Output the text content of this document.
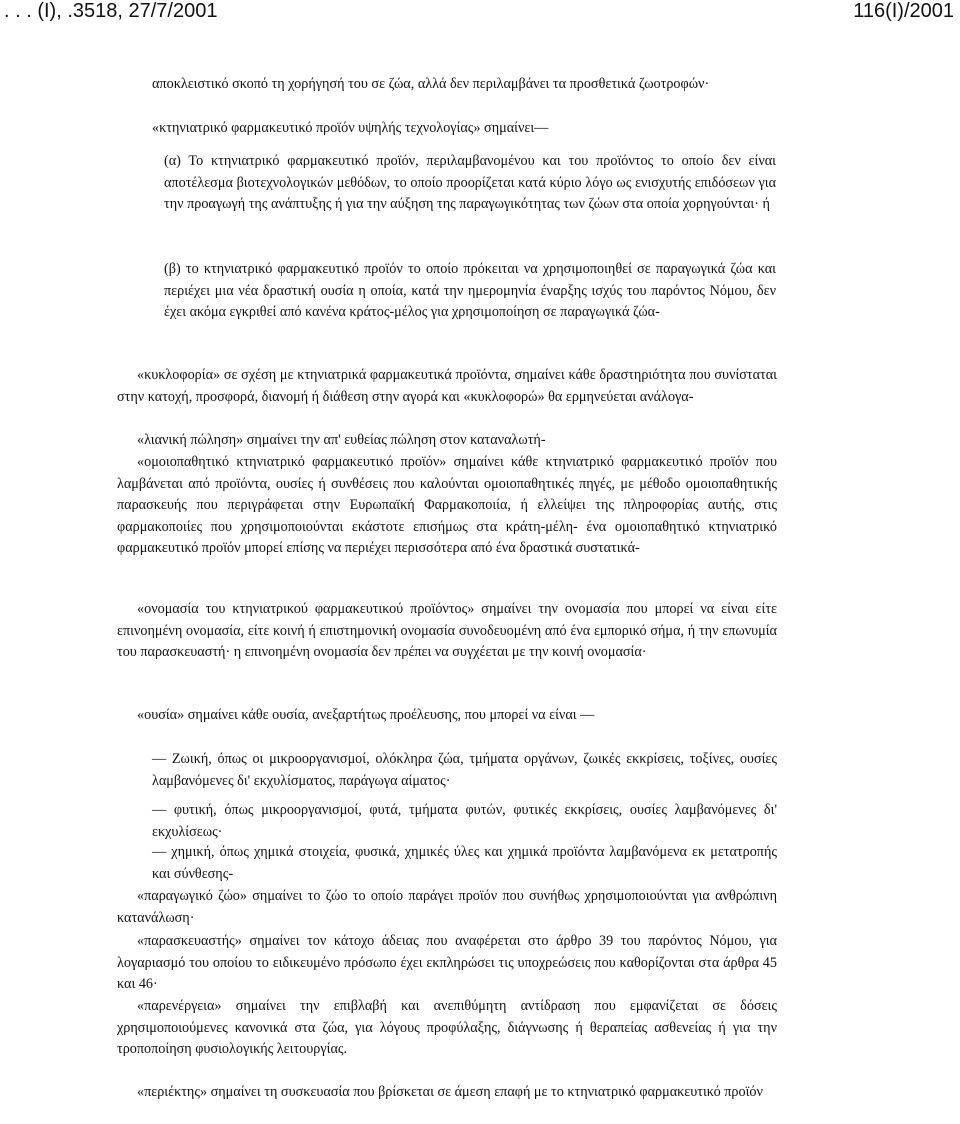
. . . (Ι), .3518, 27/7/2001	116(Ι)/2001

αποκλειστικό σκοπό τη χορήγησή του σε ζώα, αλλά δεν περιλαμβάνει τα προσθετικά ζωοτροφών·

«κτηνιατρικό φαρμακευτικό προϊόν υψηλής τεχνολογίας» σημαίνει—

(α) Το κτηνιατρικό φαρμακευτικό προϊόν, περιλαμβανομένου και του προϊόντος το οποίο δεν είναι αποτέλεσμα βιοτεχνολογικών μεθόδων, το οποίο προορίζεται κατά κύριο λόγο ως ενισχυτής επιδόσεων για την προαγωγή της ανάπτυξης ή για την αύξηση της παραγωγικότητας των ζώων στα οποία χορηγούνται· ή

(β) το κτηνιατρικό φαρμακευτικό προϊόν το οποίο πρόκειται να χρησιμοποιηθεί σε παραγωγικά ζώα και περιέχει μια νέα δραστική ουσία η οποία, κατά την ημερομηνία έναρξης ισχύς του παρόντος Νόμου, δεν έχει ακόμα εγκριθεί από κανένα κράτος-μέλος για χρησιμοποίηση σε παραγωγικά ζώα-

«κυκλοφορία» σε σχέση με κτηνιατρικά φαρμακευτικά προϊόντα, σημαίνει κάθε δραστηριότητα που συνίσταται στην κατοχή, προσφορά, διανομή ή διάθεση στην αγορά και «κυκλοφορώ» θα ερμηνεύεται ανάλογα-

«λιανική πώληση» σημαίνει την απ' ευθείας πώληση στον καταναλωτή-

«ομοιοπαθητικό κτηνιατρικό φαρμακευτικό προϊόν» σημαίνει κάθε κτηνιατρικό φαρμακευτικό προϊόν που λαμβάνεται από προϊόντα, ουσίες ή συνθέσεις που καλούνται ομοιοπαθητικές πηγές, με μέθοδο ομοιοπαθητικής παρασκευής που περιγράφεται στην Ευρωπαϊκή Φαρμακοποιία, ή ελλείψει της πληροφορίας αυτής, στις φαρμακοποιίες που χρησιμοποιούνται εκάστοτε επισήμως στα κράτη-μέλη- ένα ομοιοπαθητικό κτηνιατρικό φαρμακευτικό προϊόν μπορεί επίσης να περιέχει περισσότερα από ένα δραστικά συστατικά-

«ονομασία του κτηνιατρικού φαρμακευτικού προϊόντος» σημαίνει την ονομασία που μπορεί να είναι είτε επινοημένη ονομασία, είτε κοινή ή επιστημονική ονομασία συνοδευομένη από ένα εμπορικό σήμα, ή την επωνυμία του παρασκευαστή· η επινοημένη ονομασία δεν πρέπει να συγχέεται με την κοινή ονομασία·

«ουσία» σημαίνει κάθε ουσία, ανεξαρτήτως προέλευσης, που μπορεί να είναι —

— Ζωική, όπως οι μικροοργανισμοί, ολόκληρα ζώα, τμήματα οργάνων, ζωικές εκκρίσεις, τοξίνες, ουσίες λαμβανόμενες δι' εκχυλίσματος, παράγωγα αίματος·

— φυτική, όπως μικροοργανισμοί, φυτά, τμήματα φυτών, φυτικές εκκρίσεις, ουσίες λαμβανόμενες δι' εκχυλίσεως·

— χημική, όπως χημικά στοιχεία, φυσικά, χημικές ύλες και χημικά προϊόντα λαμβανόμενα εκ μετατροπής και σύνθεσης-

«παραγωγικό ζώο» σημαίνει το ζώο το οποίο παράγει προϊόν που συνήθως χρησιμοποιούνται για ανθρώπινη κατανάλωση·

«παρασκευαστής» σημαίνει τον κάτοχο άδειας που αναφέρεται στο άρθρο 39 του παρόντος Νόμου, για λογαριασμό του οποίου το ειδικευμένο πρόσωπο έχει εκπληρώσει τις υποχρεώσεις που καθορίζονται στα άρθρα 45 και 46·

«παρενέργεια» σημαίνει την επιβλαβή και ανεπιθύμητη αντίδραση που εμφανίζεται σε δόσεις χρησιμοποιούμενες κανονικά στα ζώα, για λόγους προφύλαξης, διάγνωσης ή θεραπείας ασθενείας ή για την τροποποίηση φυσιολογικής λειτουργίας.

«περιέκτης» σημαίνει τη συσκευασία που βρίσκεται σε άμεση επαφή με το κτηνιατρικό φαρμακευτικό προϊόν
